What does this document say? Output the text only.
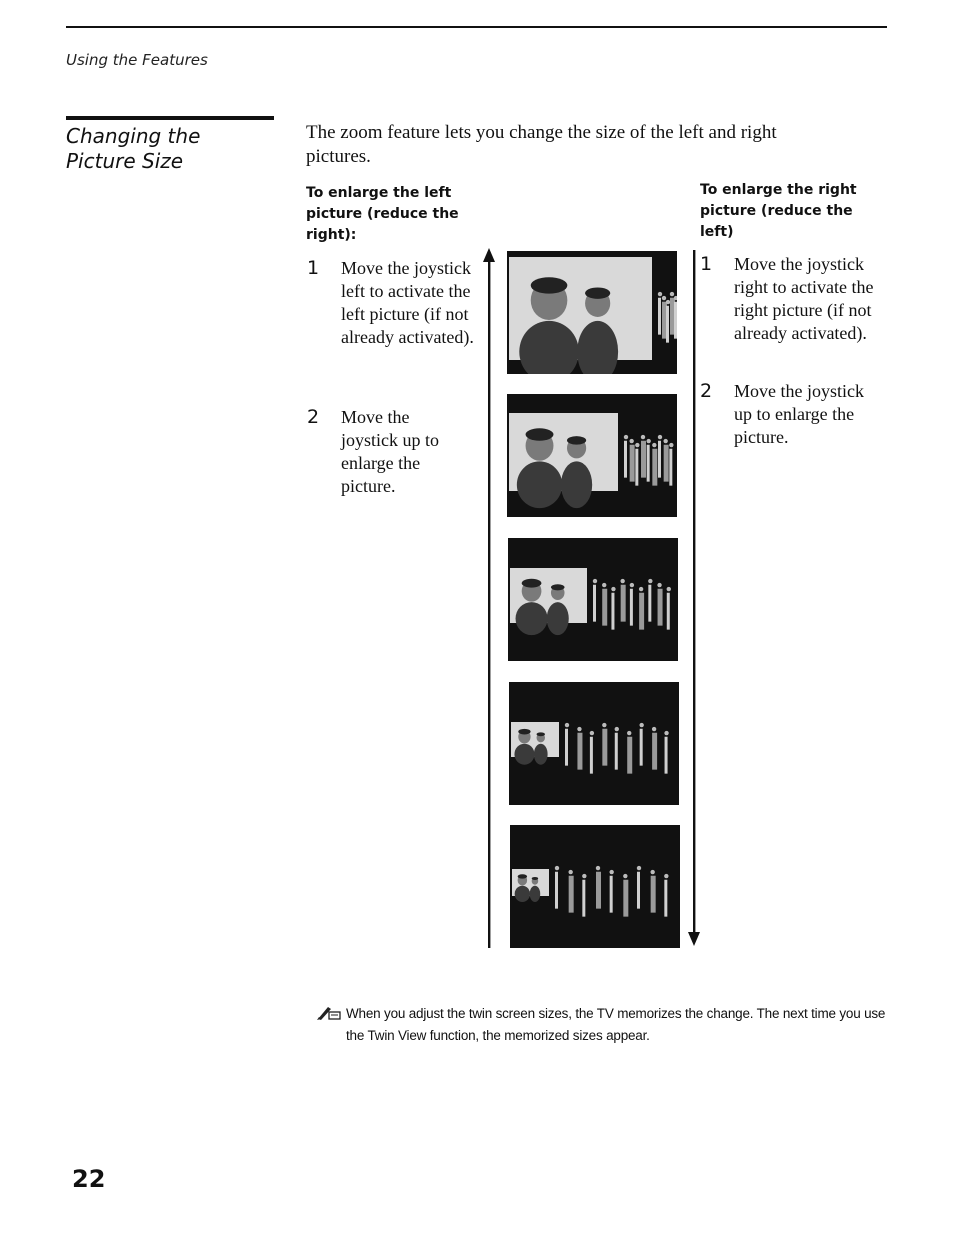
Using the Features
Changing the Picture Size
The zoom feature lets you change the size of the left and right pictures.
To enlarge the left picture (reduce the right):
To enlarge the right picture (reduce the left)
1 Move the joystick left to activate the left picture (if not already activated).
2 Move the joystick up to enlarge the picture.
1 Move the joystick right to activate the right picture (if not already activated).
2 Move the joystick up to enlarge the picture.
When you adjust the twin screen sizes, the TV memorizes the change. The next time you use the Twin View function, the memorized sizes appear.
22
